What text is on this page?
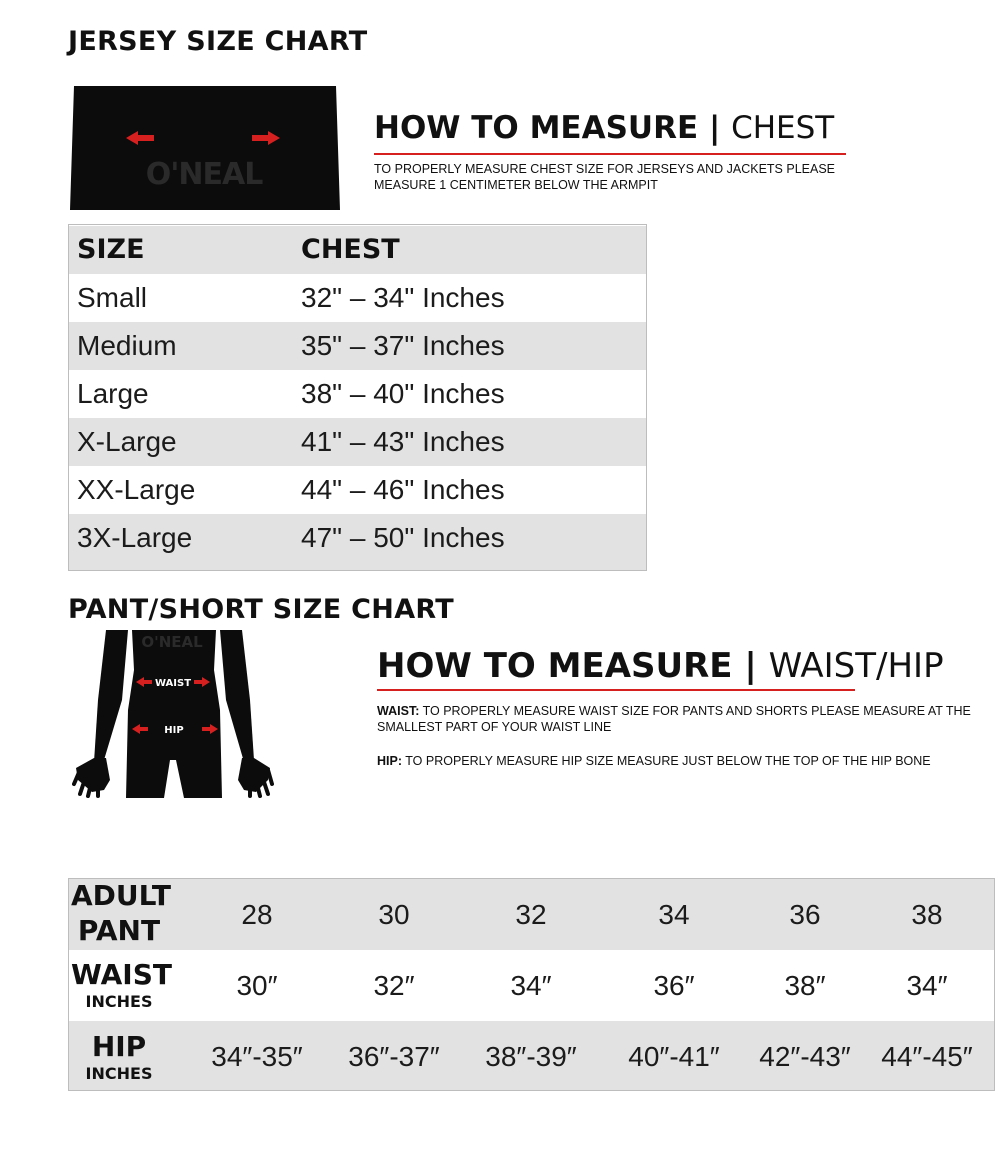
JERSEY SIZE CHART
O'NEAL
HOW TO MEASURE | CHEST
TO PROPERLY MEASURE CHEST SIZE FOR JERSEYS AND JACKETS PLEASE MEASURE 1 CENTIMETER BELOW THE ARMPIT
SIZE	CHEST
Small	32" – 34" Inches
Medium	35" – 37" Inches
Large	38" – 40" Inches
X-Large	41" – 43" Inches
XX-Large	44" – 46" Inches
3X-Large	47" – 50" Inches
PANT/SHORT SIZE CHART
O'NEAL
WAIST
HIP
HOW TO MEASURE | WAIST/HIP
WAIST: TO PROPERLY MEASURE WAIST SIZE FOR PANTS AND SHORTS PLEASE MEASURE AT THE SMALLEST PART OF YOUR WAIST LINE
HIP: TO PROPERLY MEASURE HIP SIZE MEASURE JUST BELOW THE TOP OF THE HIP BONE
ADULT
PANT	28	30	32	34	36	38
WAIST
INCHES
30″	32″	34″	36″	38″	34″
HIP
INCHES
34″-35″	36″-37″	38″-39″	40″-41″	42″-43″	44″-45″
